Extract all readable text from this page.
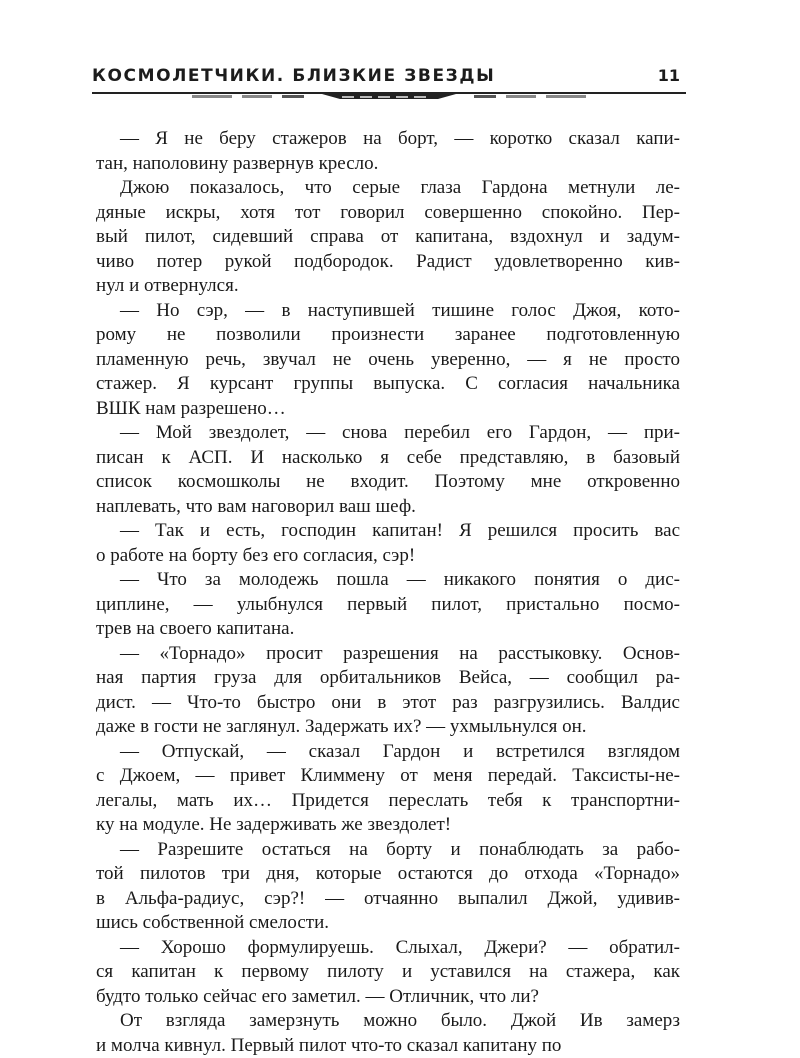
КОСМОЛЕТЧИКИ. БЛИЗКИЕ ЗВЕЗДЫ	11
— Я не беру стажеров на борт, — коротко сказал капи-
тан, наполовину развернув кресло.
Джою показалось, что серые глаза Гардона метнули ле-
дяные искры, хотя тот говорил совершенно спокойно. Пер-
вый пилот, сидевший справа от капитана, вздохнул и задум-
чиво потер рукой подбородок. Радист удовлетворенно кив-
нул и отвернулся.
— Но сэр, — в наступившей тишине голос Джоя, кото-
рому не позволили произнести заранее подготовленную
пламенную речь, звучал не очень уверенно, — я не просто
стажер. Я курсант группы выпуска. С согласия начальника
ВШК нам разрешено…
— Мой звездолет, — снова перебил его Гардон, — при-
писан к АСП. И насколько я себе представляю, в базовый
список космошколы не входит. Поэтому мне откровенно
наплевать, что вам наговорил ваш шеф.
— Так и есть, господин капитан! Я решился просить вас
о работе на борту без его согласия, сэр!
— Что за молодежь пошла — никакого понятия о дис-
циплине, — улыбнулся первый пилот, пристально посмо-
трев на своего капитана.
— «Торнадо» просит разрешения на расстыковку. Основ-
ная партия груза для орбитальников Вейса, — сообщил ра-
дист. — Что-то быстро они в этот раз разгрузились. Валдис
даже в гости не заглянул. Задержать их? — ухмыльнулся он.
— Отпускай, — сказал Гардон и встретился взглядом
с Джоем, — привет Климмену от меня передай. Таксисты-не-
легалы, мать их… Придется переслать тебя к транспортни-
ку на модуле. Не задерживать же звездолет!
— Разрешите остаться на борту и понаблюдать за рабо-
той пилотов три дня, которые остаются до отхода «Торнадо»
в Альфа-радиус, сэр?! — отчаянно выпалил Джой, удивив-
шись собственной смелости.
— Хорошо формулируешь. Слыхал, Джери? — обратил-
ся капитан к первому пилоту и уставился на стажера, как
будто только сейчас его заметил. — Отличник, что ли?
От взгляда замерзнуть можно было. Джой Ив замерз
и молча кивнул. Первый пилот что-то сказал капитану по
